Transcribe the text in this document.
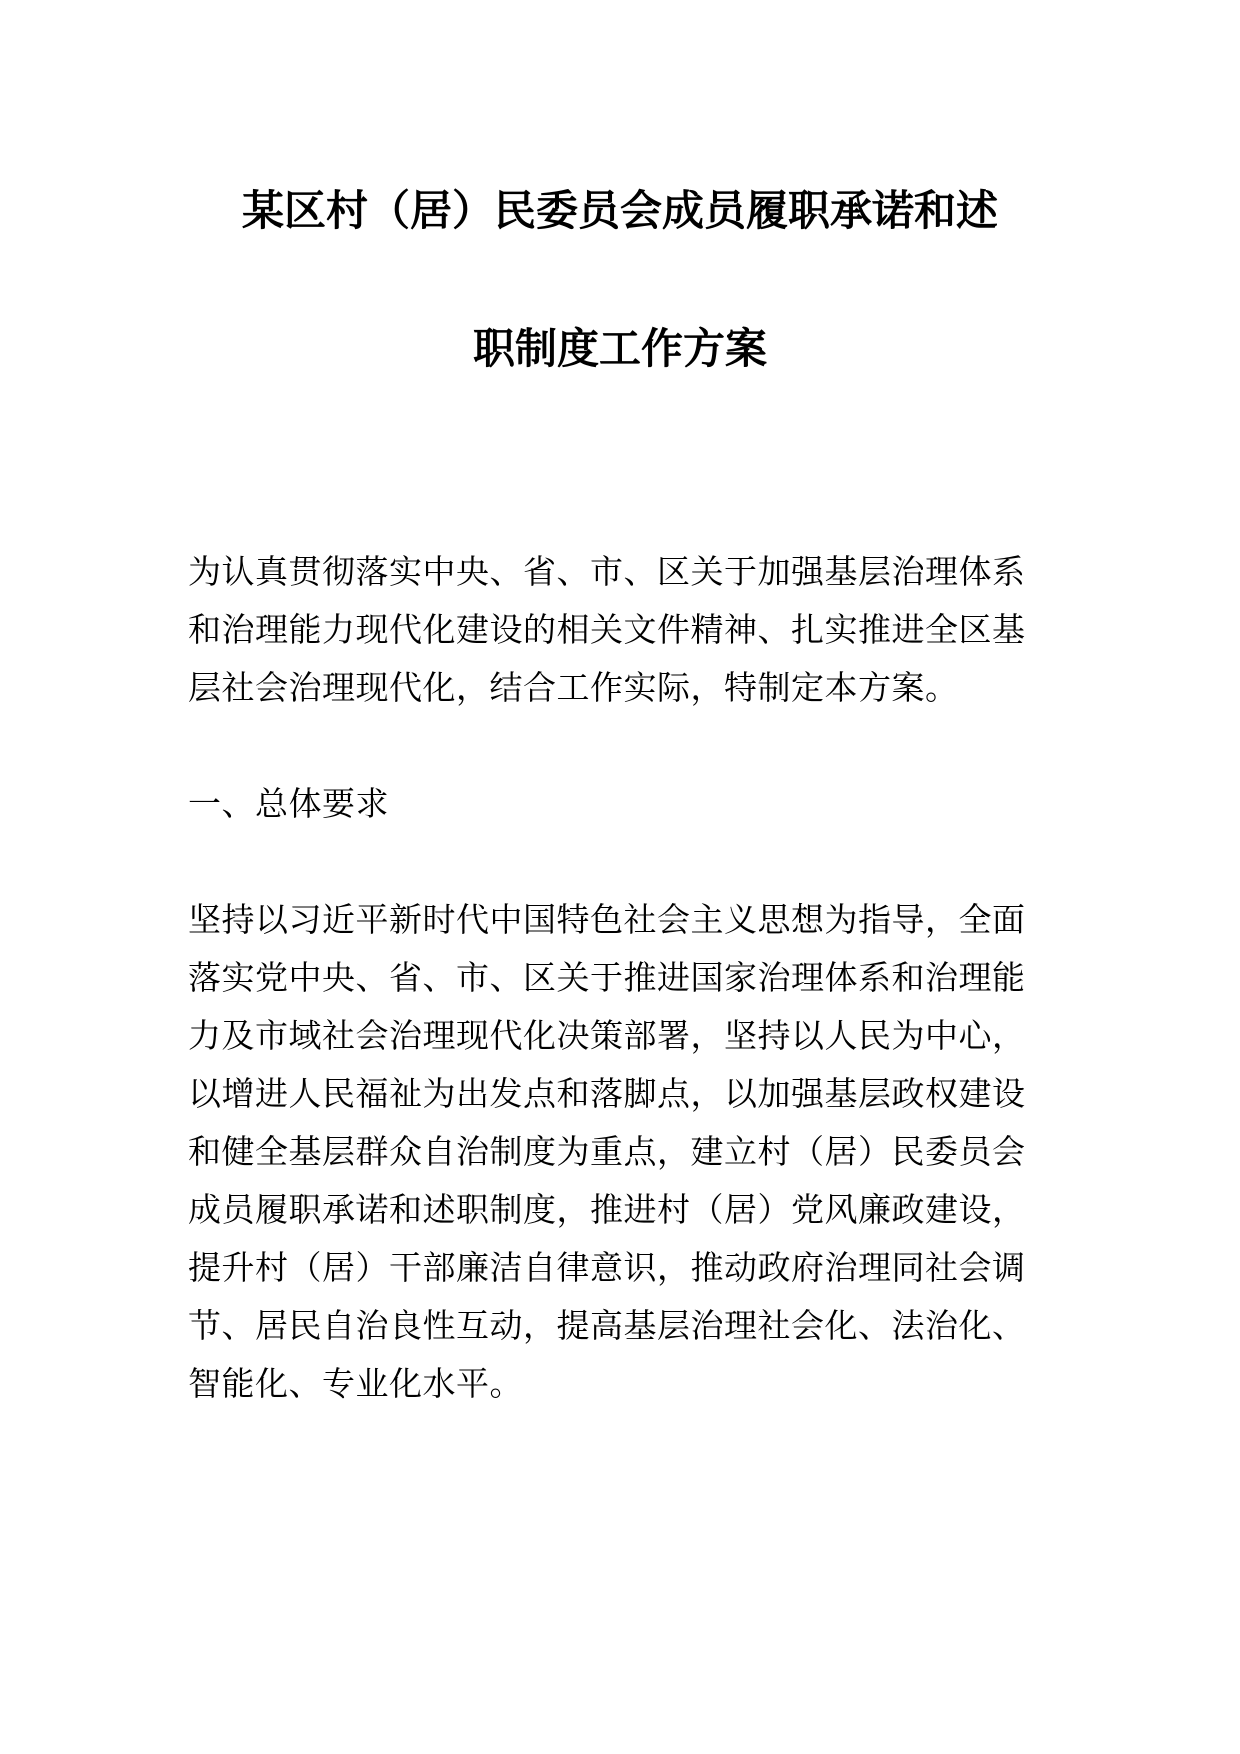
某区村（居）民委员会成员履职承诺和述
职制度工作方案
为认真贯彻落实中央、省、市、区关于加强基层治理体系
和治理能力现代化建设的相关文件精神、扎实推进全区基
层社会治理现代化，结合工作实际，特制定本方案。
一、总体要求
坚持以习近平新时代中国特色社会主义思想为指导，全面
落实党中央、省、市、区关于推进国家治理体系和治理能
力及市域社会治理现代化决策部署，坚持以人民为中心，
以增进人民福祉为出发点和落脚点，以加强基层政权建设
和健全基层群众自治制度为重点，建立村（居）民委员会
成员履职承诺和述职制度，推进村（居）党风廉政建设，
提升村（居）干部廉洁自律意识，推动政府治理同社会调
节、居民自治良性互动，提高基层治理社会化、法治化、
智能化、专业化水平。
